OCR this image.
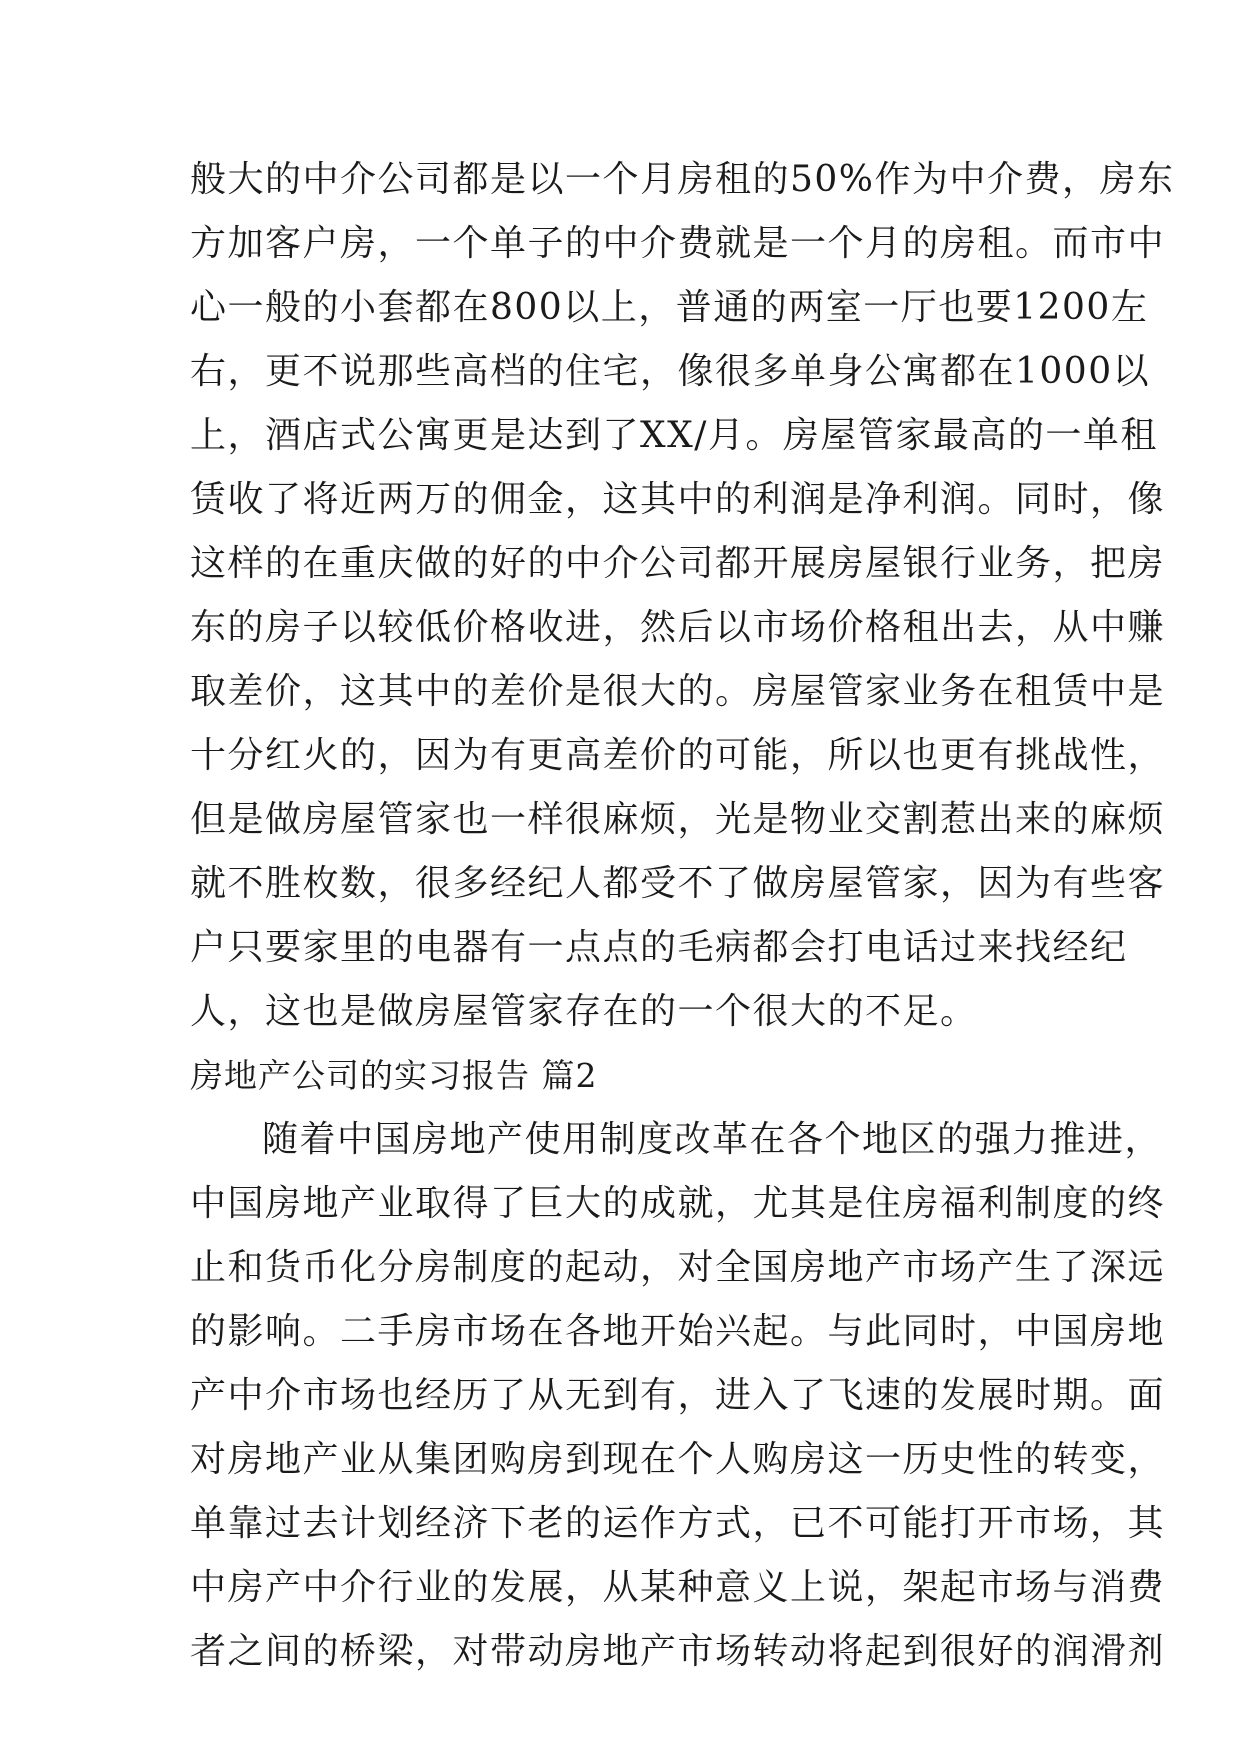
般大的中介公司都是以一个月房租的50%作为中介费，房东
方加客户房，一个单子的中介费就是一个月的房租。而市中
心一般的小套都在800以上，普通的两室一厅也要1200左
右，更不说那些高档的住宅，像很多单身公寓都在1000以
上，酒店式公寓更是达到了XX/月。房屋管家最高的一单租
赁收了将近两万的佣金，这其中的利润是净利润。同时，像
这样的在重庆做的好的中介公司都开展房屋银行业务，把房
东的房子以较低价格收进，然后以市场价格租出去，从中赚
取差价，这其中的差价是很大的。房屋管家业务在租赁中是
十分红火的，因为有更高差价的可能，所以也更有挑战性，
但是做房屋管家也一样很麻烦，光是物业交割惹出来的麻烦
就不胜枚数，很多经纪人都受不了做房屋管家，因为有些客
户只要家里的电器有一点点的毛病都会打电话过来找经纪
人，这也是做房屋管家存在的一个很大的不足。
房地产公司的实习报告 篇2
随着中国房地产使用制度改革在各个地区的强力推进，
中国房地产业取得了巨大的成就，尤其是住房福利制度的终
止和货币化分房制度的起动，对全国房地产市场产生了深远
的影响。二手房市场在各地开始兴起。与此同时，中国房地
产中介市场也经历了从无到有，进入了飞速的发展时期。面
对房地产业从集团购房到现在个人购房这一历史性的转变，
单靠过去计划经济下老的运作方式，已不可能打开市场，其
中房产中介行业的发展，从某种意义上说，架起市场与消费
者之间的桥梁，对带动房地产市场转动将起到很好的润滑剂
